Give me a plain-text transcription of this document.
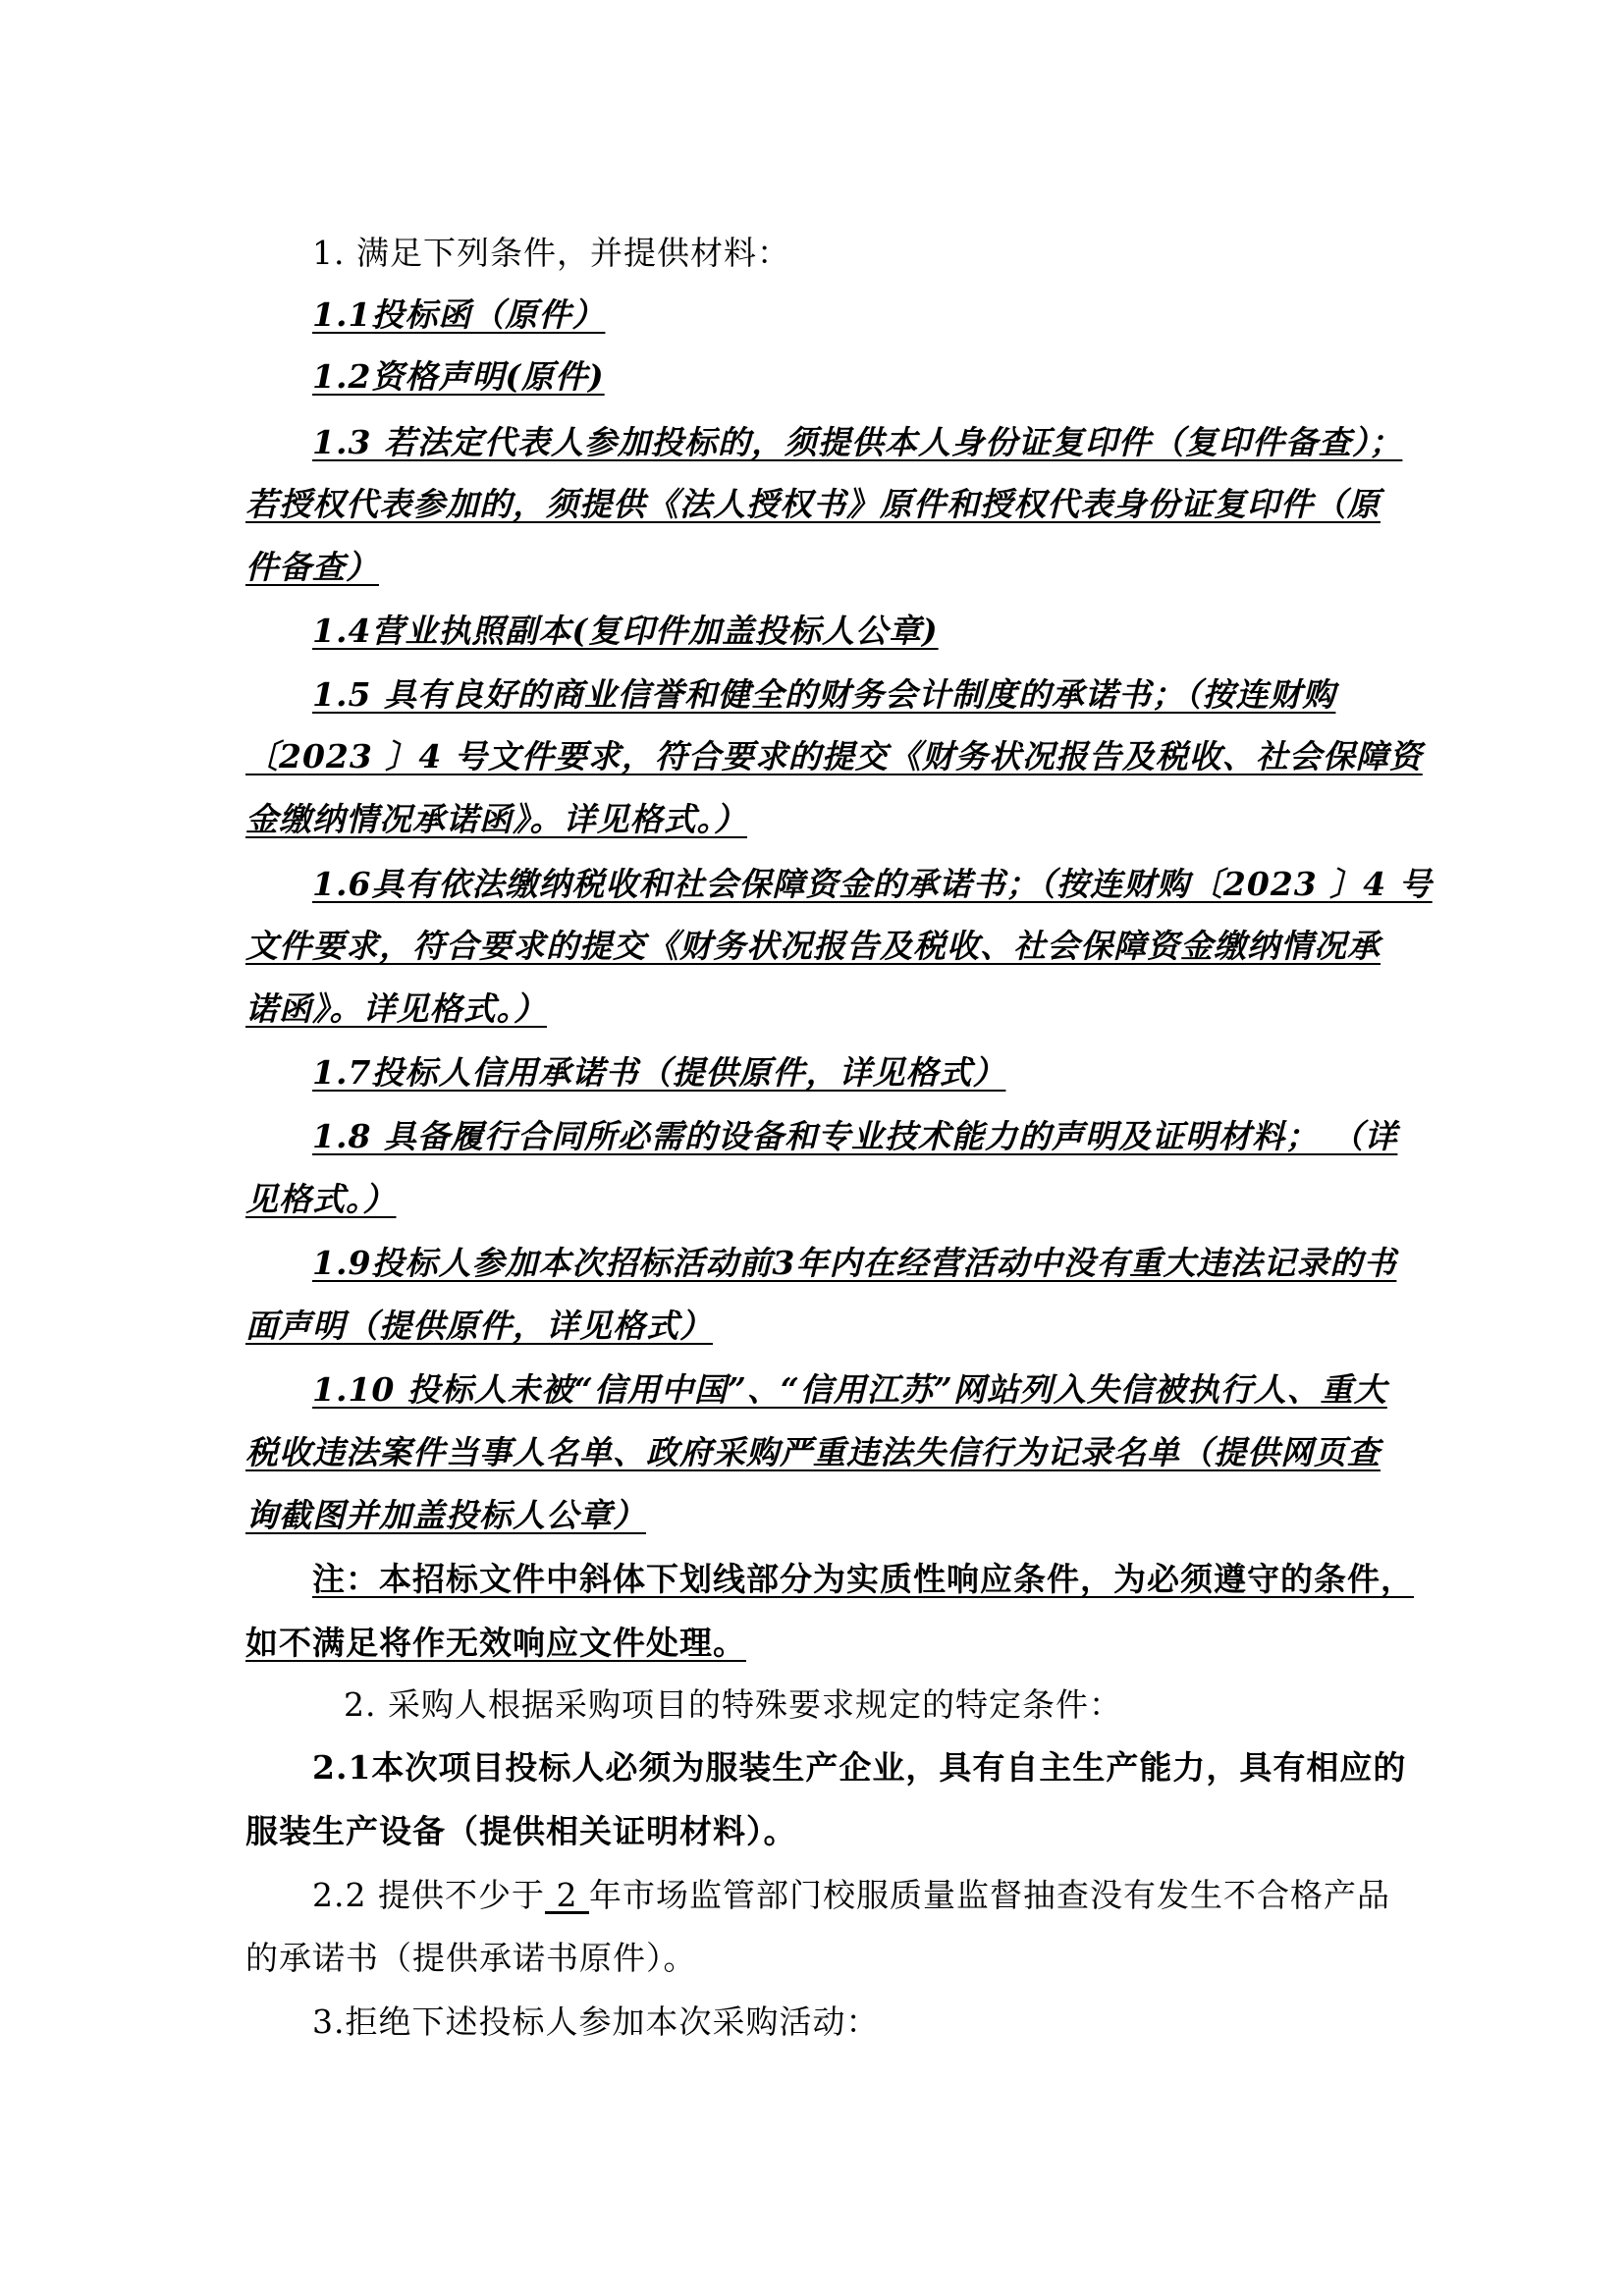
1. 满足下列条件，并提供材料：
1.1投标函（原件）
1.2资格声明(原件)
1.3 若法定代表人参加投标的，须提供本人身份证复印件（复印件备查）；
若授权代表参加的，须提供《法人授权书》原件和授权代表身份证复印件（原
件备查）
1.4营业执照副本(复印件加盖投标人公章)
1.5 具有良好的商业信誉和健全的财务会计制度的承诺书；（按连财购
〔2023 〕4 号文件要求，符合要求的提交《财务状况报告及税收、社会保障资
金缴纳情况承诺函》。详见格式。）
1.6具有依法缴纳税收和社会保障资金的承诺书；（按连财购〔2023 〕4 号
文件要求，符合要求的提交《财务状况报告及税收、社会保障资金缴纳情况承
诺函》。详见格式。）
1.7投标人信用承诺书（提供原件，详见格式）
1.8 具备履行合同所必需的设备和专业技术能力的声明及证明材料； （详
见格式。）
1.9投标人参加本次招标活动前3年内在经营活动中没有重大违法记录的书
面声明（提供原件，详见格式）
1.10 投标人未被“信用中国”、“信用江苏”网站列入失信被执行人、重大
税收违法案件当事人名单、政府采购严重违法失信行为记录名单（提供网页查
询截图并加盖投标人公章）
注：本招标文件中斜体下划线部分为实质性响应条件，为必须遵守的条件，
如不满足将作无效响应文件处理。
2. 采购人根据采购项目的特殊要求规定的特定条件：
2.1本次项目投标人必须为服装生产企业，具有自主生产能力，具有相应的
服装生产设备（提供相关证明材料）。
2.2 提供不少于 2 年市场监管部门校服质量监督抽查没有发生不合格产品
的承诺书（提供承诺书原件）。
3.拒绝下述投标人参加本次采购活动：
